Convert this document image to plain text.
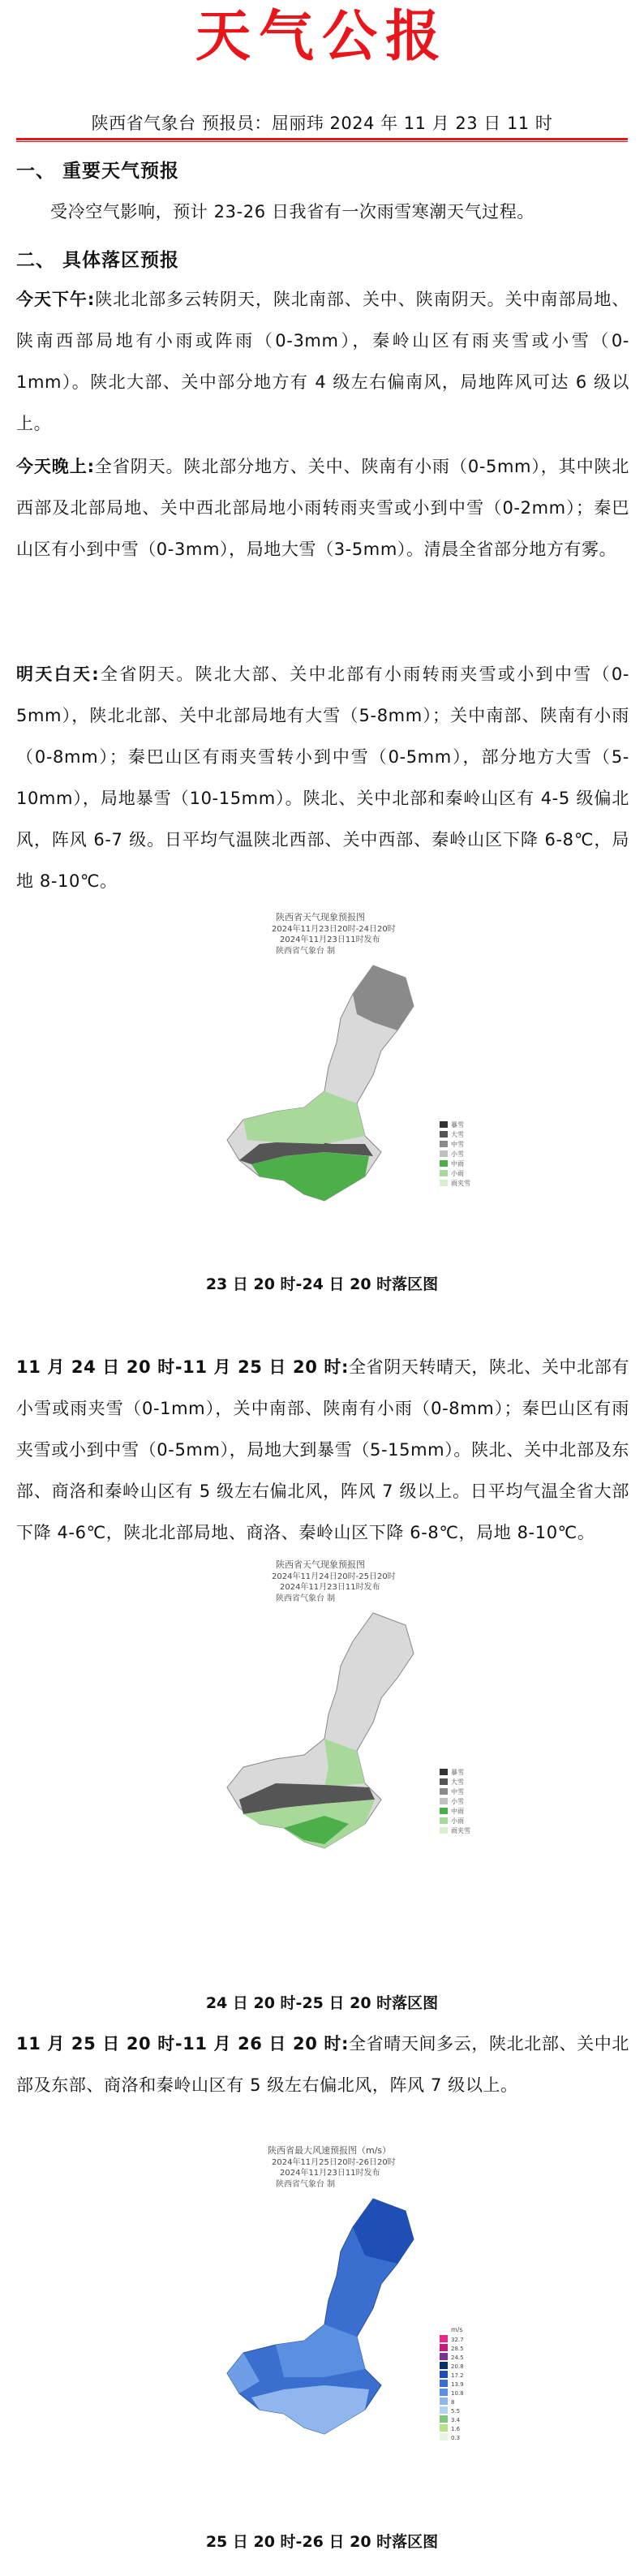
天气公报
陕西省气象台 预报员：屈丽玮 2024 年 11 月 23 日 11 时
一、 重要天气预报
受冷空气影响，预计 23-26 日我省有一次雨雪寒潮天气过程。
二、 具体落区预报
今天下午:陕北北部多云转阴天，陕北南部、关中、陕南阴天。关中南部局地、陕南西部局地有小雨或阵雨（0-3mm），秦岭山区有雨夹雪或小雪（0-1mm）。陕北大部、关中部分地方有 4 级左右偏南风，局地阵风可达 6 级以上。
今天晚上:全省阴天。陕北部分地方、关中、陕南有小雨（0-5mm），其中陕北西部及北部局地、关中西北部局地小雨转雨夹雪或小到中雪（0-2mm）；秦巴山区有小到中雪（0-3mm），局地大雪（3-5mm）。清晨全省部分地方有雾。
明天白天:全省阴天。陕北大部、关中北部有小雨转雨夹雪或小到中雪（0-5mm），陕北北部、关中北部局地有大雪（5-8mm）；关中南部、陕南有小雨（0-8mm）；秦巴山区有雨夹雪转小到中雪（0-5mm），部分地方大雪（5-10mm），局地暴雪（10-15mm）。陕北、关中北部和秦岭山区有 4-5 级偏北风，阵风 6-7 级。日平均气温陕北西部、关中西部、秦岭山区下降 6-8℃，局地 8-10℃。
陕西省天气现象预报图
2024年11月23日20时-24日20时
2024年11月23日11时发布
陕西省气象台 制
暴雪
大雪
中雪
小雪
中雨
小雨
雨夹雪
23 日 20 时-24 日 20 时落区图
11 月 24 日 20 时-11 月 25 日 20 时:全省阴天转晴天，陕北、关中北部有小雪或雨夹雪（0-1mm），关中南部、陕南有小雨（0-8mm）；秦巴山区有雨夹雪或小到中雪（0-5mm），局地大到暴雪（5-15mm）。陕北、关中北部及东部、商洛和秦岭山区有 5 级左右偏北风，阵风 7 级以上。日平均气温全省大部下降 4-6℃，陕北北部局地、商洛、秦岭山区下降 6-8℃，局地 8-10℃。
陕西省天气现象预报图
2024年11月24日20时-25日20时
2024年11月23日11时发布
陕西省气象台 制
暴雪
大雪
中雪
小雪
中雨
小雨
雨夹雪
24 日 20 时-25 日 20 时落区图
11 月 25 日 20 时-11 月 26 日 20 时:全省晴天间多云，陕北北部、关中北部及东部、商洛和秦岭山区有 5 级左右偏北风，阵风 7 级以上。
陕西省最大风速预报图（m/s）
2024年11月25日20时-26日20时
2024年11月23日11时发布
陕西省气象台 制
m/s
32.7
28.5
24.5
20.8
17.2
13.9
10.8
8
5.5
3.4
1.6
0.3
25 日 20 时-26 日 20 时落区图
